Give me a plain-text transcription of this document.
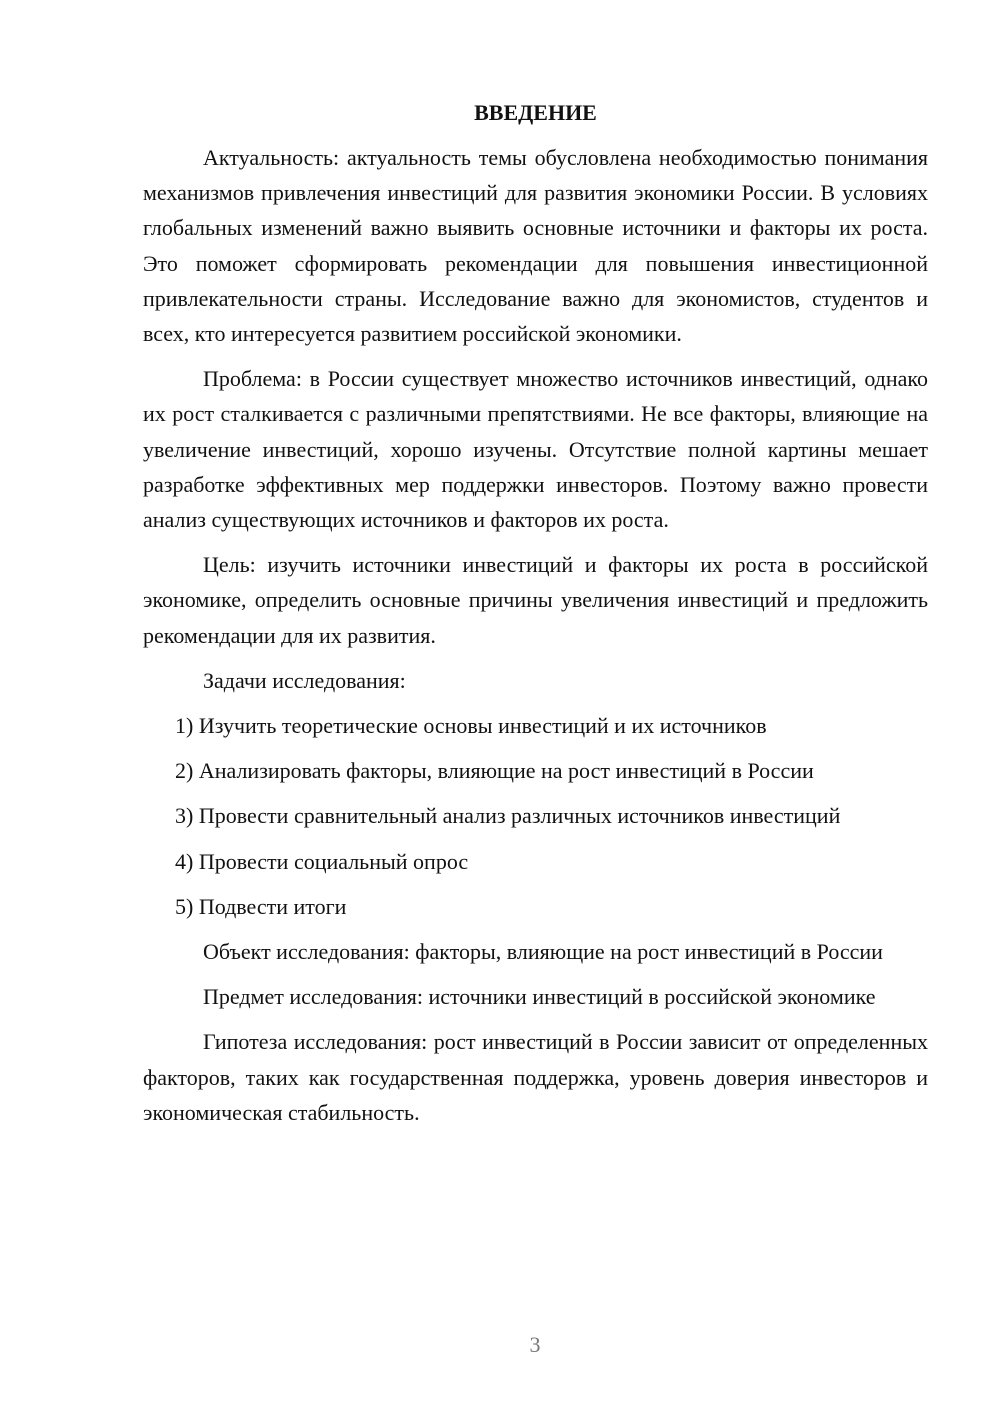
ВВЕДЕНИЕ

Актуальность: актуальность темы обусловлена необходимостью понимания механизмов привлечения инвестиций для развития экономики России. В условиях глобальных изменений важно выявить основные источники и факторы их роста. Это поможет сформировать рекомендации для повышения инвестиционной привлекательности страны. Исследование важно для экономистов, студентов и всех, кто интересуется развитием российской экономики.

Проблема: в России существует множество источников инвестиций, однако их рост сталкивается с различными препятствиями. Не все факторы, влияющие на увеличение инвестиций, хорошо изучены. Отсутствие полной картины мешает разработке эффективных мер поддержки инвесторов. Поэтому важно провести анализ существующих источников и факторов их роста.

Цель: изучить источники инвестиций и факторы их роста в российской экономике, определить основные причины увеличения инвестиций и предложить рекомендации для их развития.

Задачи исследования:

1) Изучить теоретические основы инвестиций и их источников
2) Анализировать факторы, влияющие на рост инвестиций в России
3) Провести сравнительный анализ различных источников инвестиций
4) Провести социальный опрос
5) Подвести итоги

Объект исследования: факторы, влияющие на рост инвестиций в России

Предмет исследования: источники инвестиций в российской экономике

Гипотеза исследования: рост инвестиций в России зависит от определенных факторов, таких как государственная поддержка, уровень доверия инвесторов и экономическая стабильность.

3
